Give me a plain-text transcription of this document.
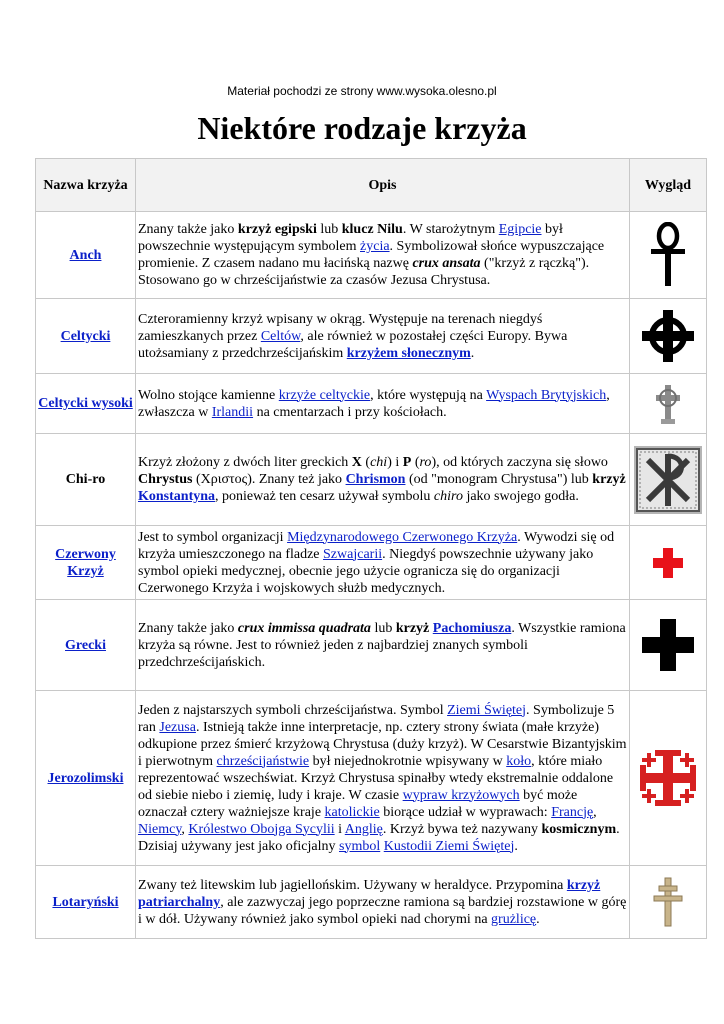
Materiał pochodzi ze strony www.wysoka.olesno.pl
Niektóre rodzaje krzyża
Nazwa krzyża	Opis	Wygląd
Anch	Znany także jako krzyż egipski lub klucz Nilu. W starożytnym Egipcie był powszechnie występującym symbolem życia. Symbolizował słońce wypuszczające promienie. Z czasem nadano mu łacińską nazwę crux ansata ("krzyż z rączką"). Stosowano go w chrześcijaństwie za czasów Jezusa Chrystusa.	

Celtycki	Czteroramienny krzyż wpisany w okrąg. Występuje na terenach niegdyś zamieszkanych przez Celtów, ale również w pozostałej części Europy. Bywa utożsamiany z przedchrześcijańskim krzyżem słonecznym.	

Celtycki wysoki	Wolno stojące kamienne krzyże celtyckie, które występują na Wyspach Brytyjskich, zwłaszcza w Irlandii na cmentarzach i przy kościołach.	

Chi-ro	Krzyż złożony z dwóch liter greckich X (chi) i P (ro), od których zaczyna się słowo Chrystus (Χριστος). Znany też jako Chrismon (od "monogram Chrystusa") lub krzyż Konstantyna, ponieważ ten cesarz używał symbolu chiro jako swojego godła.	

Czerwony Krzyż	Jest to symbol organizacji Międzynarodowego Czerwonego Krzyża. Wywodzi się od krzyża umieszczonego na fladze Szwajcarii. Niegdyś powszechnie używany jako symbol opieki medycznej, obecnie jego użycie ogranicza się do organizacji Czerwonego Krzyża i wojskowych służb medycznych.	

Grecki	Znany także jako crux immissa quadrata lub krzyż Pachomiusza. Wszystkie ramiona krzyża są równe. Jest to również jeden z najbardziej znanych symboli przedchrześcijańskich.	

Jerozolimski	Jeden z najstarszych symboli chrześcijaństwa. Symbol Ziemi Świętej. Symbolizuje 5 ran Jezusa. Istnieją także inne interpretacje, np. cztery strony świata (małe krzyże) odkupione przez śmierć krzyżową Chrystusa (duży krzyż). W Cesarstwie Bizantyjskim i pierwotnym chrześcijaństwie był niejednokrotnie wpisywany w koło, które miało reprezentować wszechświat. Krzyż Chrystusa spinałby wtedy ekstremalnie oddalone od siebie niebo i ziemię, ludy i kraje. W czasie wypraw krzyżowych być może oznaczał cztery ważniejsze kraje katolickie biorące udział w wyprawach: Francję, Niemcy, Królestwo Obojga Sycylii i Anglię. Krzyż bywa też nazywany kosmicznym. Dzisiaj używany jest jako oficjalny symbol Kustodii Ziemi Świętej.	

Lotaryński	Zwany też litewskim lub jagiellońskim. Używany w heraldyce. Przypomina krzyż patriarchalny, ale zazwyczaj jego poprzeczne ramiona są bardziej rozstawione w górę i w dół. Używany również jako symbol opieki nad chorymi na grużlicę.	
